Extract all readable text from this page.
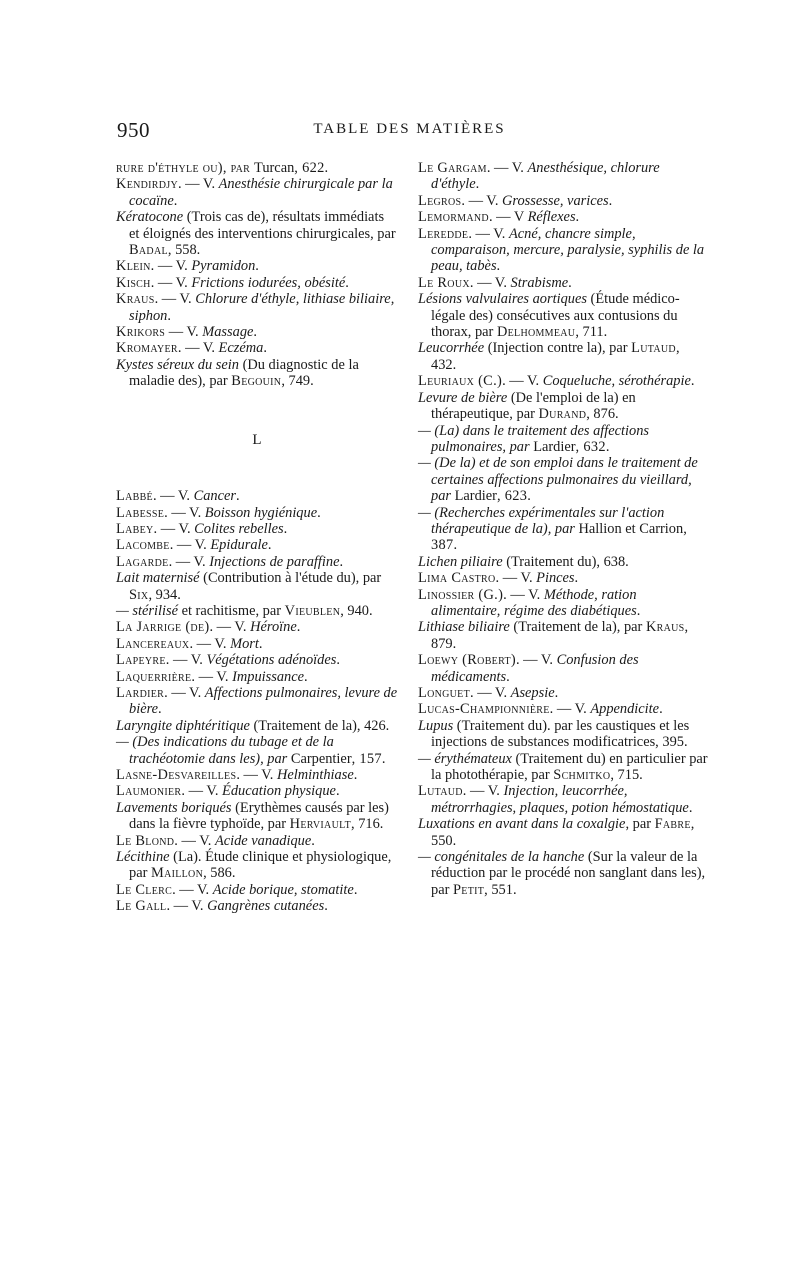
950	TABLE DES MATIÈRES

rure d'éthyle ou), par Turcan, 622.

Kendirdjy. — V. Anesthésie chirurgicale par la cocaïne.

Kératocone (Trois cas de), résultats immédiats et éloignés des interventions chirurgicales, par Badal, 558.

Klein. — V. Pyramidon.

Kisch. — V. Frictions iodurées, obésité.

Kraus. — V. Chlorure d'éthyle, lithiase biliaire, siphon.

Krikors — V. Massage.

Kromayer. — V. Eczéma.

Kystes séreux du sein (Du diagnostic de la maladie des), par Begouin, 749.

L

Labbé. — V. Cancer.

Labesse. — V. Boisson hygiénique.

Labey. — V. Colites rebelles.

Lacombe. — V. Epidurale.

Lagarde. — V. Injections de paraffine.

Lait maternisé (Contribution à l'étude du), par Six, 934.

— stérilisé et rachitisme, par Vieublen, 940.

La Jarrige (de). — V. Héroïne.

Lancereaux. — V. Mort.

Lapeyre. — V. Végétations adénoïdes.

Laquerrière. — V. Impuissance.

Lardier. — V. Affections pulmonaires, levure de bière.

Laryngite diphtéritique (Traitement de la), 426.

— (Des indications du tubage et de la trachéotomie dans les), par Carpentier, 157.

Lasne-Desvareilles. — V. Helminthiase.

Laumonier. — V. Éducation physique.

Lavements boriqués (Erythèmes causés par les) dans la fièvre typhoïde, par Herviault, 716.

Le Blond. — V. Acide vanadique.

Lécithine (La). Étude clinique et physiologique, par Maillon, 586.

Le Clerc. — V. Acide borique, stomatite.

Le Gall. — V. Gangrènes cutanées.

Le Gargam. — V. Anesthésique, chlorure d'éthyle.

Legros. — V. Grossesse, varices.

Lemormand. — V Réflexes.

Leredde. — V. Acné, chancre simple, comparaison, mercure, paralysie, syphilis de la peau, tabès.

Le Roux. — V. Strabisme.

Lésions valvulaires aortiques (Étude médico-légale des) consécutives aux contusions du thorax, par Delhommeau, 711.

Leucorrhée (Injection contre la), par Lutaud, 432.

Leuriaux (C.). — V. Coqueluche, sérothérapie.

Levure de bière (De l'emploi de la) en thérapeutique, par Durand, 876.

— (La) dans le traitement des affections pulmonaires, par Lardier, 632.

— (De la) et de son emploi dans le traitement de certaines affections pulmonaires du vieillard, par Lardier, 623.

— (Recherches expérimentales sur l'action thérapeutique de la), par Hallion et Carrion, 387.

Lichen piliaire (Traitement du), 638.

Lima Castro. — V. Pinces.

Linossier (G.). — V. Méthode, ration alimentaire, régime des diabétiques.

Lithiase biliaire (Traitement de la), par Kraus, 879.

Loewy (Robert). — V. Confusion des médicaments.

Longuet. — V. Asepsie.

Lucas-Championnière. — V. Appendicite.

Lupus (Traitement du). par les caustiques et les injections de substances modificatrices, 395.

— érythémateux (Traitement du) en particulier par la photothérapie, par Schmitko, 715.

Lutaud. — V. Injection, leucorrhée, métrorrhagies, plaques, potion hémostatique.

Luxations en avant dans la coxalgie, par Fabre, 550.

— congénitales de la hanche (Sur la valeur de la réduction par le procédé non sanglant dans les), par Petit, 551.
